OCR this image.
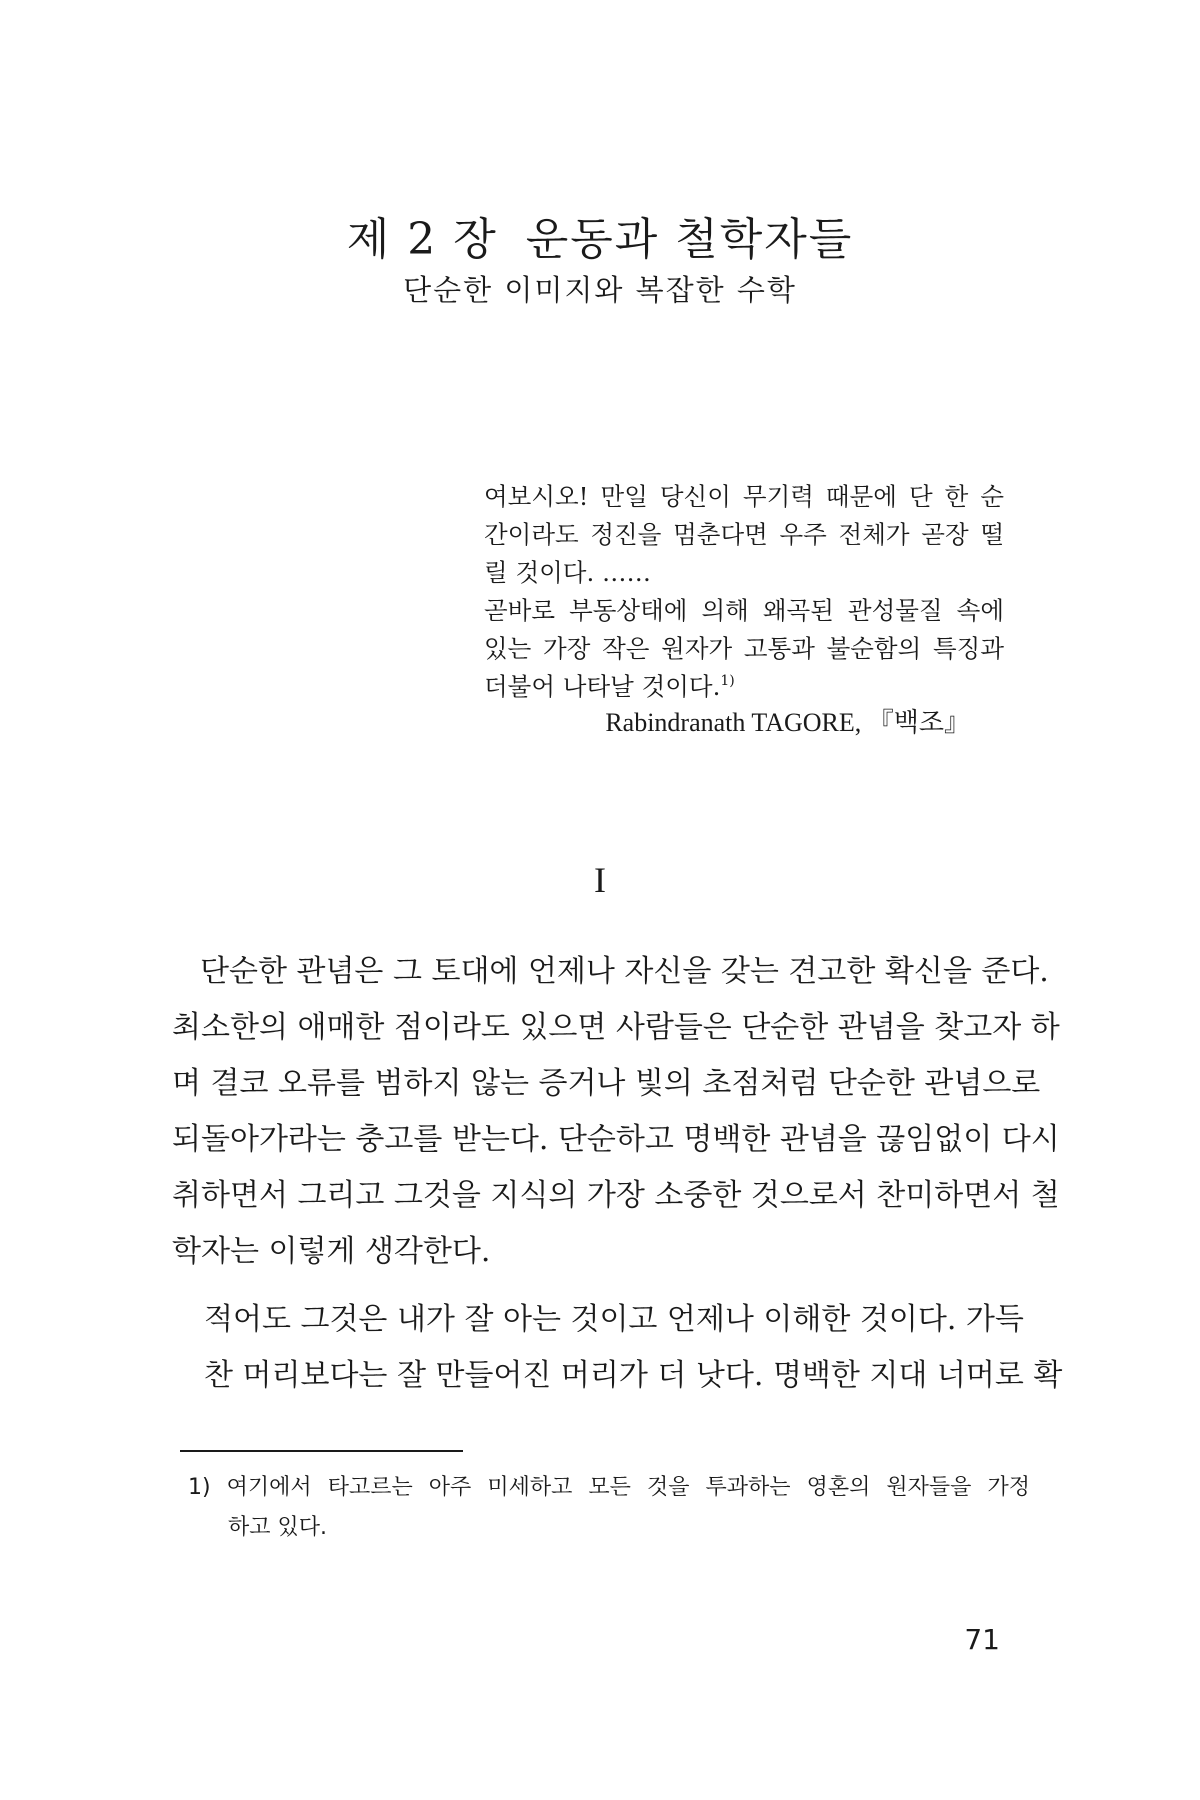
제 2 장 운동과 철학자들
단순한 이미지와 복잡한 수학
여보시오! 만일 당신이 무기력 때문에 단 한 순
간이라도 정진을 멈춘다면 우주 전체가 곧장 떨
릴 것이다. ……
곧바로 부동상태에 의해 왜곡된 관성물질 속에
있는 가장 작은 원자가 고통과 불순함의 특징과
더불어 나타날 것이다.$^{1)}$
Rabindranath TAGORE, 『백조』
I
단순한 관념은 그 토대에 언제나 자신을 갖는 견고한 확신을 준다.
최소한의 애매한 점이라도 있으면 사람들은 단순한 관념을 찾고자 하
며 결코 오류를 범하지 않는 증거나 빛의 초점처럼 단순한 관념으로
되돌아가라는 충고를 받는다. 단순하고 명백한 관념을 끊임없이 다시
취하면서 그리고 그것을 지식의 가장 소중한 것으로서 찬미하면서 철
학자는 이렇게 생각한다.
적어도 그것은 내가 잘 아는 것이고 언제나 이해한 것이다. 가득
찬 머리보다는 잘 만들어진 머리가 더 낫다. 명백한 지대 너머로 확
1) 여기에서 타고르는 아주 미세하고 모든 것을 투과하는 영혼의 원자들을 가정
하고 있다.
71
